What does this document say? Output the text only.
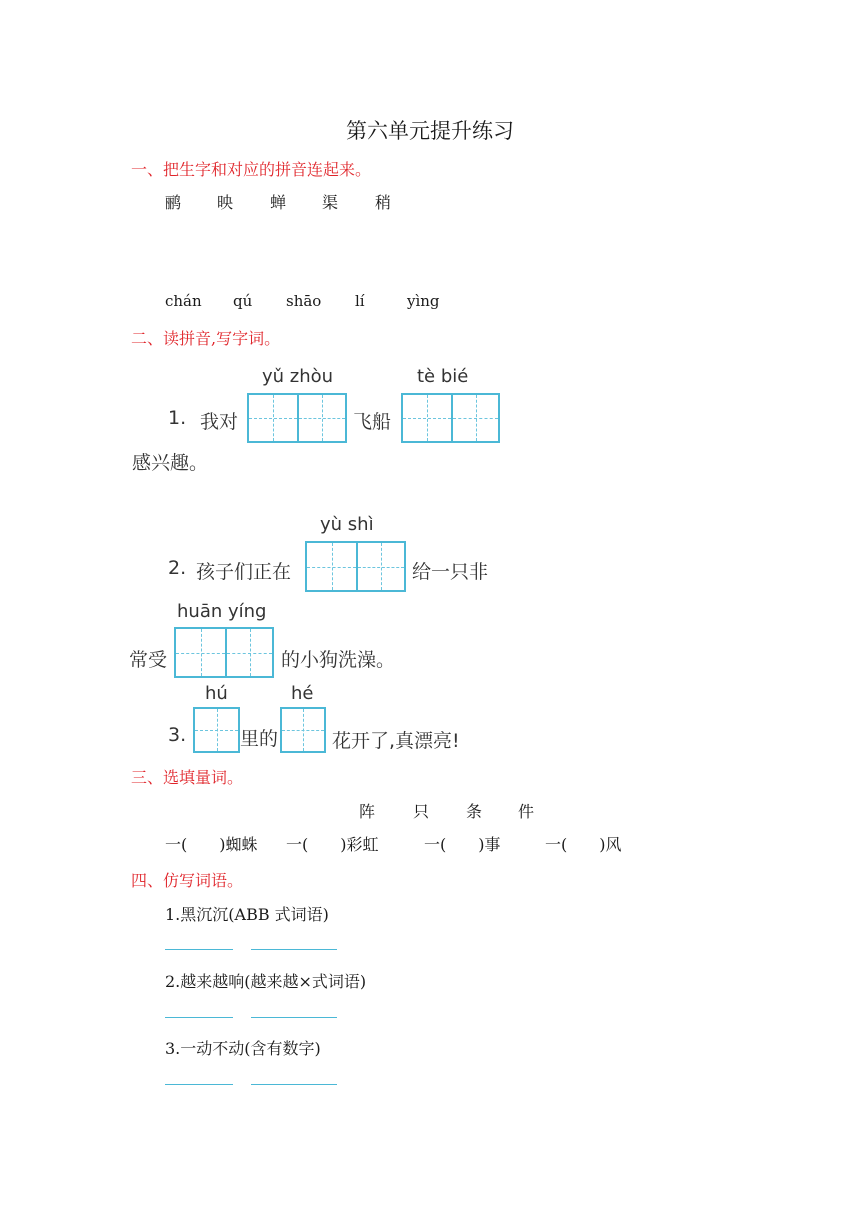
第六单元提升练习
一、把生字和对应的拼音连起来。
鹂 映 蝉 渠 稍
chán qú shāo lí	yìng
二、读拼音,写字词。
yǔ zhòu	tè bié
1. 我对	飞船
感兴趣。
yù shì
2. 孩子们正在	给一只非
huān yíng
常受	的小狗洗澡。
hú	hé
3.	里的	花开了,真漂亮!
三、选填量词。
阵 只 条 件
一(　　)蜘蛛 一(　　)彩虹	一(　　)事	一(　　)风
四、仿写词语。
1.黑沉沉(ABB 式词语)
2.越来越响(越来越×式词语)
3.一动不动(含有数字)
